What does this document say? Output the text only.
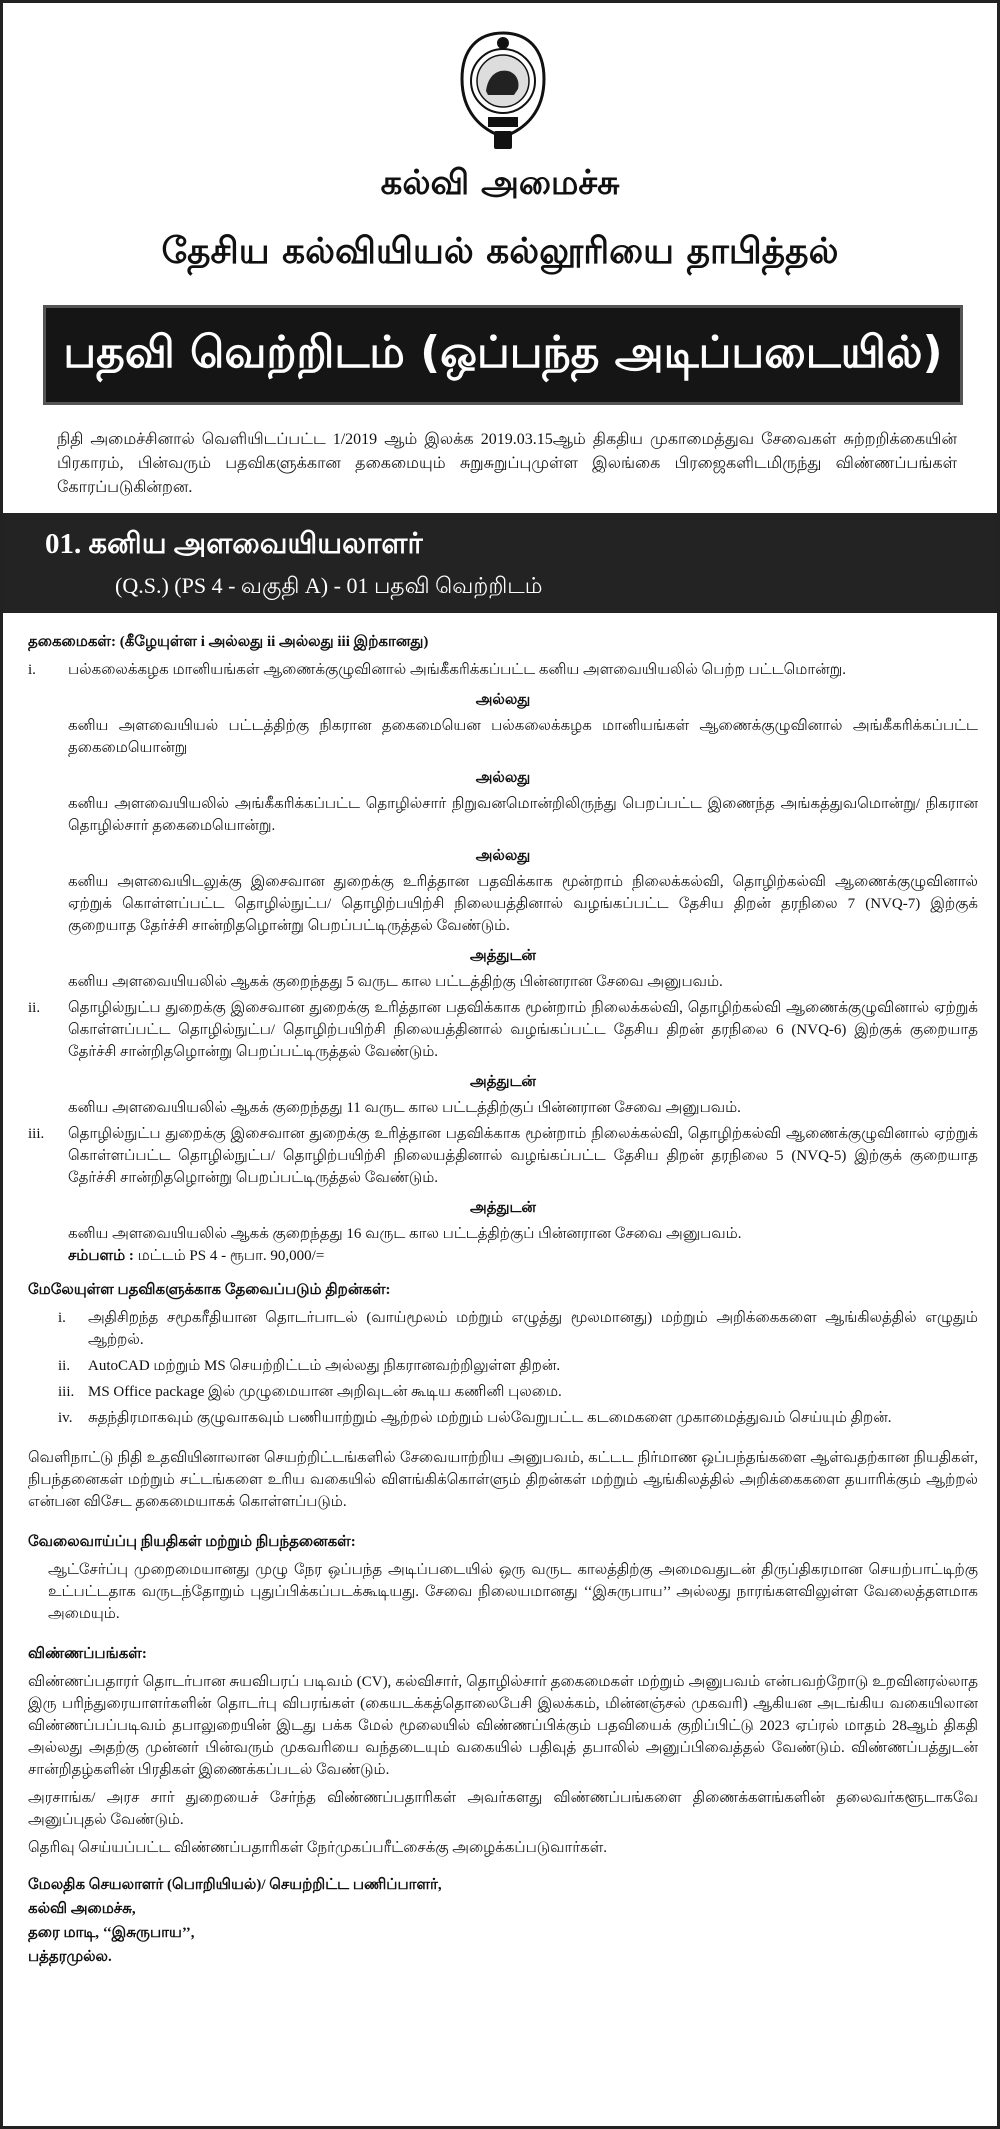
கல்வி அமைச்சு
தேசிய கல்வியியல் கல்லூரியை தாபித்தல்
பதவி வெற்றிடம் (ஒப்பந்த அடிப்படையில்)
நிதி அமைச்சினால் வெளியிடப்பட்ட 1/2019 ஆம் இலக்க 2019.03.15ஆம் திகதிய முகாமைத்துவ சேவைகள் சுற்றறிக்கையின் பிரகாரம், பின்வரும் பதவிகளுக்கான தகைமையும் சுறுசுறுப்புமுள்ள இலங்கை பிரஜைகளிடமிருந்து விண்ணப்பங்கள் கோரப்படுகின்றன.
01. கனிய அளவையியலாளர்
(Q.S.) (PS 4 - வகுதி A) - 01 பதவி வெற்றிடம்
தகைமைகள்: (கீழேயுள்ள i அல்லது ii அல்லது iii இற்கானது)
i.	பல்கலைக்கழக மானியங்கள் ஆணைக்குழுவினால் அங்கீகரிக்கப்பட்ட கனிய அளவையியலில் பெற்ற பட்டமொன்று.
அல்லது
கனிய அளவையியல் பட்டத்திற்கு நிகரான தகைமையென பல்கலைக்கழக மானியங்கள் ஆணைக்குழுவினால் அங்கீகரிக்கப்பட்ட தகைமையொன்று
அல்லது
கனிய அளவையியலில் அங்கீகரிக்கப்பட்ட தொழில்சார் நிறுவனமொன்றிலிருந்து பெறப்பட்ட இணைந்த அங்கத்துவமொன்று/ நிகரான தொழில்சார் தகைமையொன்று.
அல்லது
கனிய அளவையிடலுக்கு இசைவான துறைக்கு உரித்தான பதவிக்காக மூன்றாம் நிலைக்கல்வி, தொழிற்கல்வி ஆணைக்குழுவினால் ஏற்றுக் கொள்ளப்பட்ட தொழில்நுட்ப/ தொழிற்பயிற்சி நிலையத்தினால் வழங்கப்பட்ட தேசிய திறன் தரநிலை 7 (NVQ-7) இற்குக் குறையாத தேர்ச்சி சான்றிதழொன்று பெறப்பட்டிருத்தல் வேண்டும்.
அத்துடன்
கனிய அளவையியலில் ஆகக் குறைந்தது 5 வருட கால பட்டத்திற்கு பின்னரான சேவை அனுபவம்.
ii.	தொழில்நுட்ப துறைக்கு இசைவான துறைக்கு உரித்தான பதவிக்காக மூன்றாம் நிலைக்கல்வி, தொழிற்கல்வி ஆணைக்குழுவினால் ஏற்றுக் கொள்ளப்பட்ட தொழில்நுட்ப/ தொழிற்பயிற்சி நிலையத்தினால் வழங்கப்பட்ட தேசிய திறன் தரநிலை 6 (NVQ-6) இற்குக் குறையாத தேர்ச்சி சான்றிதழொன்று பெறப்பட்டிருத்தல் வேண்டும்.
அத்துடன்
கனிய அளவையியலில் ஆகக் குறைந்தது 11 வருட கால பட்டத்திற்குப் பின்னரான சேவை அனுபவம்.
iii.	தொழில்நுட்ப துறைக்கு இசைவான துறைக்கு உரித்தான பதவிக்காக மூன்றாம் நிலைக்கல்வி, தொழிற்கல்வி ஆணைக்குழுவினால் ஏற்றுக் கொள்ளப்பட்ட தொழில்நுட்ப/ தொழிற்பயிற்சி நிலையத்தினால் வழங்கப்பட்ட தேசிய திறன் தரநிலை 5 (NVQ-5) இற்குக் குறையாத தேர்ச்சி சான்றிதழொன்று பெறப்பட்டிருத்தல் வேண்டும்.
அத்துடன்
கனிய அளவையியலில் ஆகக் குறைந்தது 16 வருட கால பட்டத்திற்குப் பின்னரான சேவை அனுபவம்.
சம்பளம் : மட்டம் PS 4 - ரூபா. 90,000/=
மேலேயுள்ள பதவிகளுக்காக தேவைப்படும் திறன்கள்:
i.	அதிசிறந்த சமூகரீதியான தொடர்பாடல் (வாய்மூலம் மற்றும் எழுத்து மூலமானது) மற்றும் அறிக்கைகளை ஆங்கிலத்தில் எழுதும் ஆற்றல்.
ii.	AutoCAD மற்றும் MS செயற்றிட்டம் அல்லது நிகரானவற்றிலுள்ள திறன்.
iii. MS Office package இல் முழுமையான அறிவுடன் கூடிய கணினி புலமை.
iv.	சுதந்திரமாகவும் குழுவாகவும் பணியாற்றும் ஆற்றல் மற்றும் பல்வேறுபட்ட கடமைகளை முகாமைத்துவம் செய்யும் திறன்.
வெளிநாட்டு நிதி உதவியினாலான செயற்றிட்டங்களில் சேவையாற்றிய அனுபவம், கட்டட நிர்மாண ஒப்பந்தங்களை ஆள்வதற்கான நியதிகள், நிபந்தனைகள் மற்றும் சட்டங்களை உரிய வகையில் விளங்கிக்கொள்ளும் திறன்கள் மற்றும் ஆங்கிலத்தில் அறிக்கைகளை தயாரிக்கும் ஆற்றல் என்பன விசேட தகைமையாகக் கொள்ளப்படும்.
வேலைவாய்ப்பு நியதிகள் மற்றும் நிபந்தனைகள்:
ஆட்சேர்ப்பு முறைமையானது முழு நேர ஒப்பந்த அடிப்படையில் ஒரு வருட காலத்திற்கு அமைவதுடன் திருப்திகரமான செயற்பாட்டிற்கு உட்பட்டதாக வருடந்தோறும் புதுப்பிக்கப்படக்கூடியது. சேவை நிலையமானது ‘‘இசுருபாய’’ அல்லது நாரங்களவிலுள்ள வேலைத்தளமாக அமையும்.
விண்ணப்பங்கள்:
விண்ணப்பதாரர் தொடர்பான சுயவிபரப் படிவம் (CV), கல்விசார், தொழில்சார் தகைமைகள் மற்றும் அனுபவம் என்பவற்றோடு உறவினரல்லாத இரு பரிந்துரையாளர்களின் தொடர்பு விபரங்கள் (கையடக்கத்தொலைபேசி இலக்கம், மின்னஞ்சல் முகவரி) ஆகியன அடங்கிய வகையிலான விண்ணப்பப்படிவம் தபாலுறையின் இடது பக்க மேல் மூலையில் விண்ணப்பிக்கும் பதவியைக் குறிப்பிட்டு 2023 ஏப்ரல் மாதம் 28ஆம் திகதி அல்லது அதற்கு முன்னர் பின்வரும் முகவரியை வந்தடையும் வகையில் பதிவுத் தபாலில் அனுப்பிவைத்தல் வேண்டும். விண்ணப்பத்துடன் சான்றிதழ்களின் பிரதிகள் இணைக்கப்படல் வேண்டும்.
அரசாங்க/ அரச சார் துறையைச் சேர்ந்த விண்ணப்பதாரிகள் அவர்களது விண்ணப்பங்களை திணைக்களங்களின் தலைவர்களூடாகவே அனுப்புதல் வேண்டும்.
தெரிவு செய்யப்பட்ட விண்ணப்பதாரிகள் நேர்முகப்பரீட்சைக்கு அழைக்கப்படுவார்கள்.
மேலதிக செயலாளர் (பொறியியல்)/ செயற்றிட்ட பணிப்பாளர்,
கல்வி அமைச்சு,
தரை மாடி, ‘‘இசுருபாய’’,
பத்தரமுல்ல.
